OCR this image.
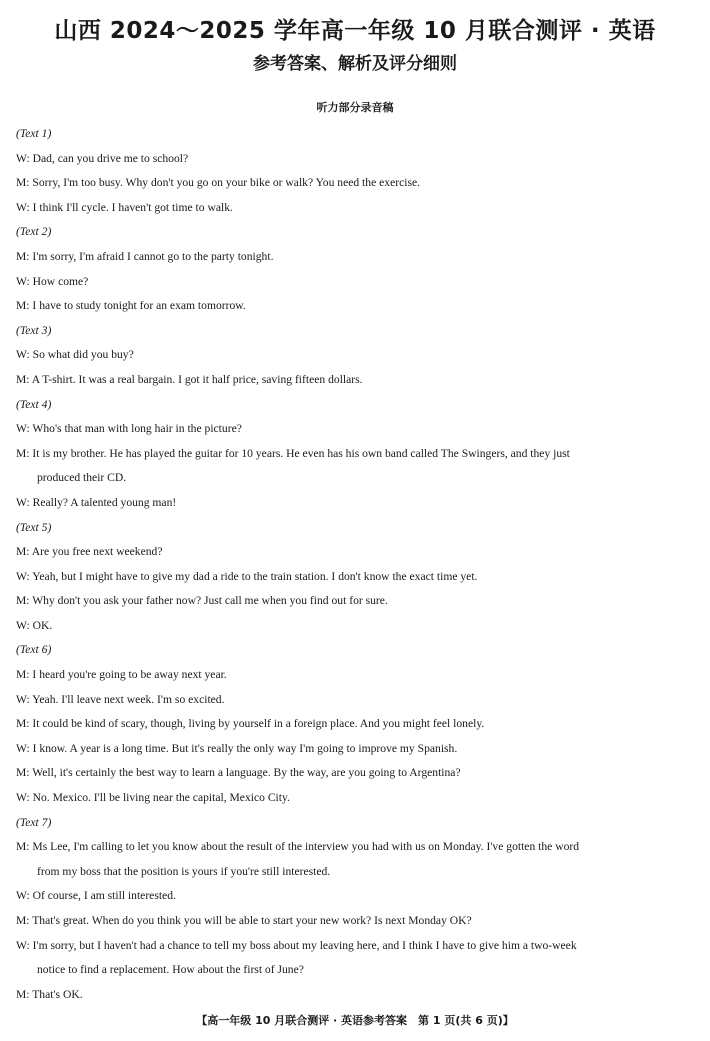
山西 2024～2025 学年高一年级 10 月联合测评 · 英语
参考答案、解析及评分细则
听力部分录音稿
(Text 1)
W: Dad, can you drive me to school?
M: Sorry, I'm too busy. Why don't you go on your bike or walk? You need the exercise.
W: I think I'll cycle. I haven't got time to walk.
(Text 2)
M: I'm sorry, I'm afraid I cannot go to the party tonight.
W: How come?
M: I have to study tonight for an exam tomorrow.
(Text 3)
W: So what did you buy?
M: A T-shirt. It was a real bargain. I got it half price, saving fifteen dollars.
(Text 4)
W: Who's that man with long hair in the picture?
M: It is my brother. He has played the guitar for 10 years. He even has his own band called The Swingers, and they just
produced their CD.
W: Really? A talented young man!
(Text 5)
M: Are you free next weekend?
W: Yeah, but I might have to give my dad a ride to the train station. I don't know the exact time yet.
M: Why don't you ask your father now? Just call me when you find out for sure.
W: OK.
(Text 6)
M: I heard you're going to be away next year.
W: Yeah. I'll leave next week. I'm so excited.
M: It could be kind of scary, though, living by yourself in a foreign place. And you might feel lonely.
W: I know. A year is a long time. But it's really the only way I'm going to improve my Spanish.
M: Well, it's certainly the best way to learn a language. By the way, are you going to Argentina?
W: No. Mexico. I'll be living near the capital, Mexico City.
(Text 7)
M: Ms Lee, I'm calling to let you know about the result of the interview you had with us on Monday. I've gotten the word
from my boss that the position is yours if you're still interested.
W: Of course, I am still interested.
M: That's great. When do you think you will be able to start your new work? Is next Monday OK?
W: I'm sorry, but I haven't had a chance to tell my boss about my leaving here, and I think I have to give him a two-week
notice to find a replacement. How about the first of June?
M: That's OK.
【高一年级 10 月联合测评 · 英语参考答案　第 1 页(共 6 页)】
